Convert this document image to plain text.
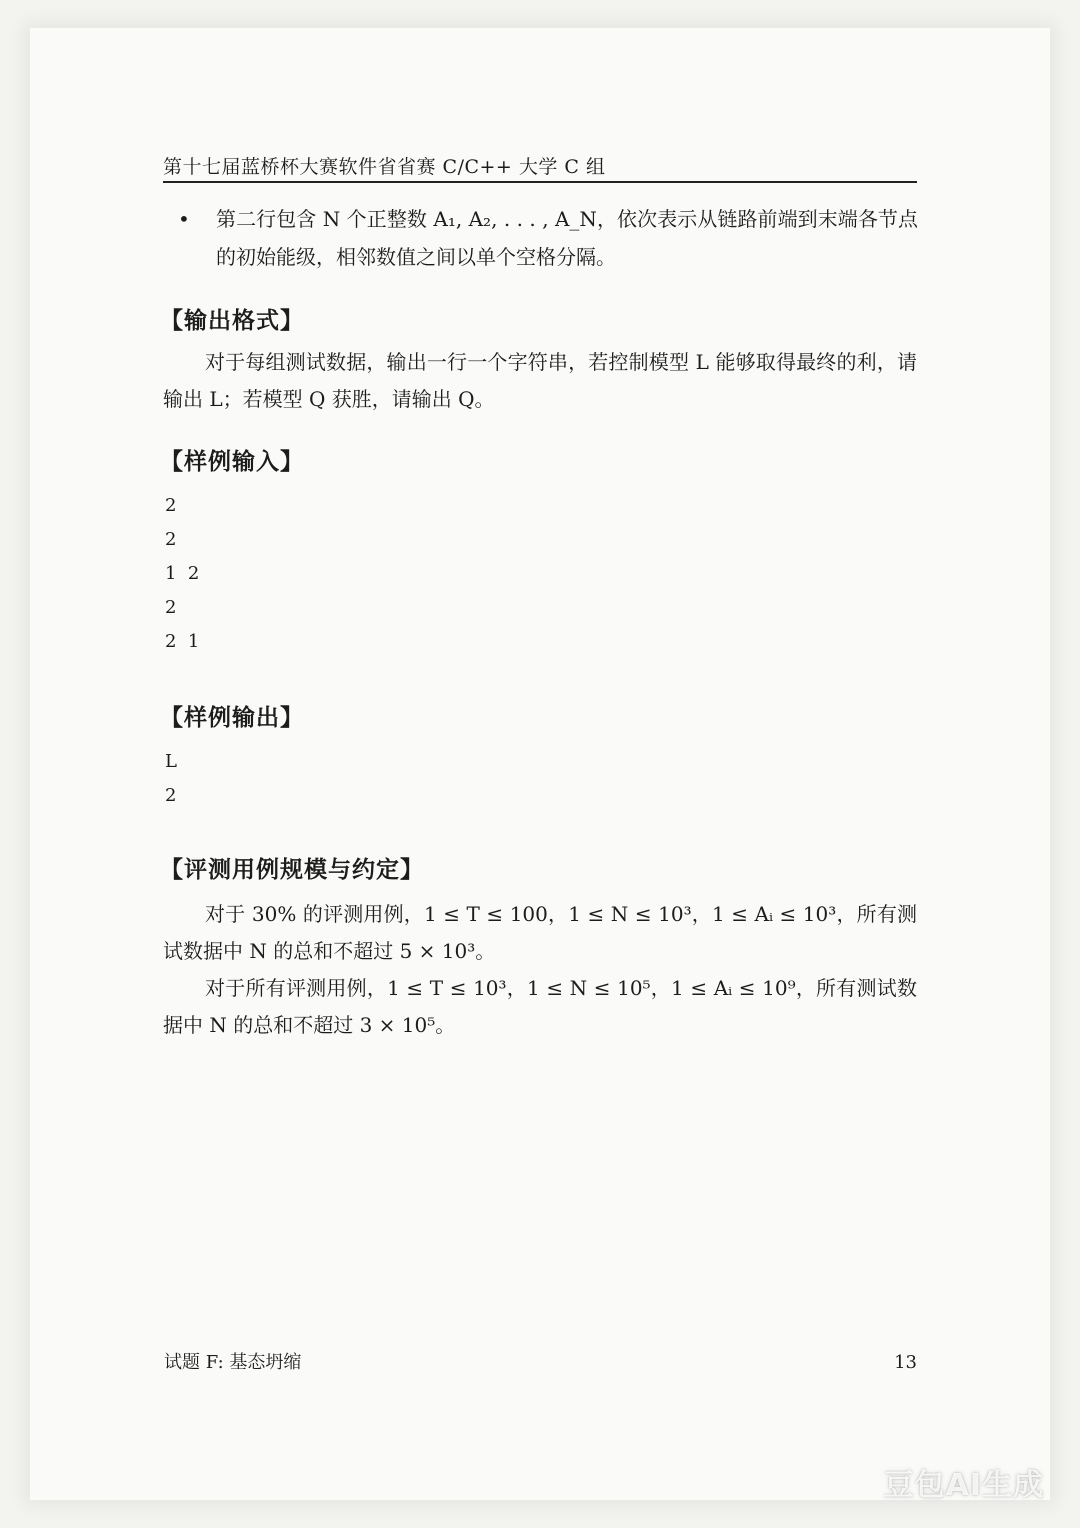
第十七届蓝桥杯大赛软件省省赛 C/C++ 大学 C 组
•	第二行包含 N 个正整数 A₁, A₂, . . . , A_N，依次表示从链路前端到末端各节点的初始能级，相邻数值之间以单个空格分隔。
【输出格式】
对于每组测试数据，输出一行一个字符串，若控制模型 L 能够取得最终的利，请输出 L；若模型 Q 获胜，请输出 Q。
【样例输入】
2
2
1  2
2
2  1
【样例输出】
L
2
【评测用例规模与约定】
对于 30% 的评测用例，1 ≤ T ≤ 100，1 ≤ N ≤ 10³，1 ≤ Aᵢ ≤ 10³，所有测试数据中 N 的总和不超过 5 × 10³。
对于所有评测用例，1 ≤ T ≤ 10³，1 ≤ N ≤ 10⁵，1 ≤ Aᵢ ≤ 10⁹，所有测试数据中 N 的总和不超过 3 × 10⁵。
试题 F: 基态坍缩	13
豆包AI生成
